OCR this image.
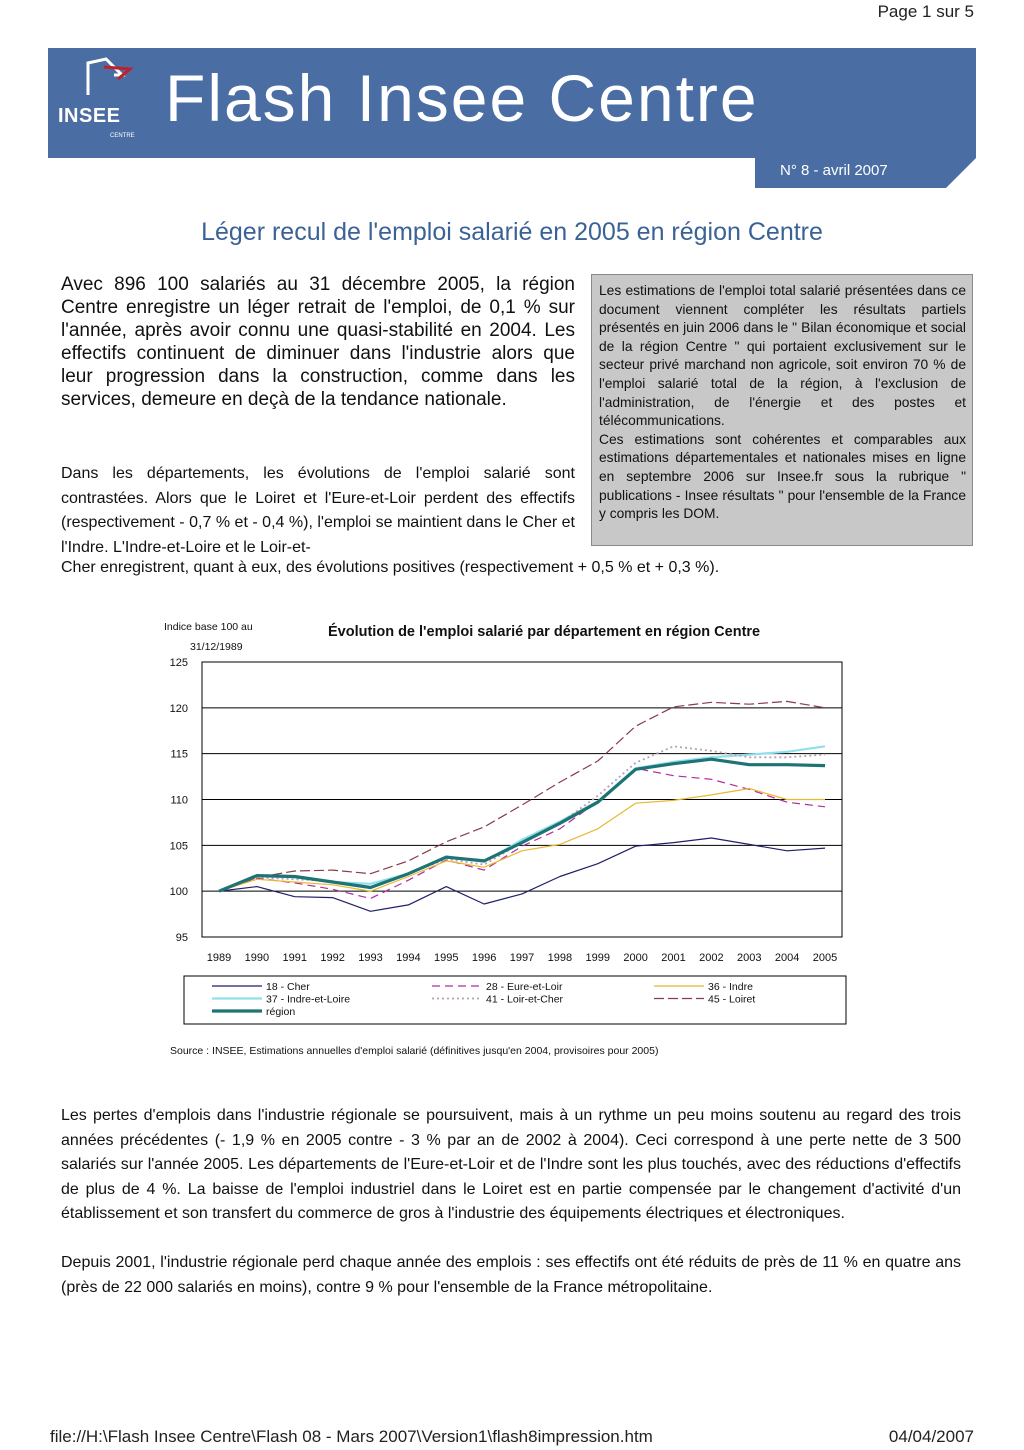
Page 1 sur 5
N° 8 - avril 2007
INSEE
CENTRE
Flash Insee Centre
Léger recul de l'emploi salarié en 2005 en région Centre
Avec 896 100 salariés au 31 décembre 2005, la région Centre enregistre un léger retrait de l'emploi, de 0,1 % sur l'année, après avoir connu une quasi-stabilité en 2004. Les effectifs continuent de diminuer dans l'industrie alors que leur progression dans la construction, comme dans les services, demeure en deçà de la tendance nationale.
Les estimations de l'emploi total salarié présentées dans ce document viennent compléter les résultats partiels présentés en juin 2006 dans le " Bilan économique et social de la région Centre " qui portaient exclusivement sur le secteur privé marchand non agricole, soit environ 70 % de l'emploi salarié total de la région, à l'exclusion de l'administration, de l'énergie et des postes et télécommunications.
Ces estimations sont cohérentes et comparables aux estimations départementales et nationales mises en ligne en septembre 2006 sur Insee.fr sous la rubrique " publications - Insee résultats " pour l'ensemble de la France y compris les DOM.
Dans les départements, les évolutions de l'emploi salarié sont contrastées. Alors que le Loiret et l'Eure-et-Loir perdent des effectifs (respectivement - 0,7 % et - 0,4 %), l'emploi se maintient dans le Cher et l'Indre. L'Indre-et-Loire et le Loir-et-
Cher enregistrent, quant à eux, des évolutions positives (respectivement + 0,5 % et + 0,3 %).
95
100
105
110
115
120
125
1989 1990 1991 1992 1993 1994 1995 1996 1997 1998 1999 2000 2001 2002 2003 2004 2005
Évolution de l'emploi salarié par département en région Centre
Indice base 100 au
31/12/1989
18 - Cher	28 - Eure-et-Loir	36 - Indre
37 - Indre-et-Loire	41 - Loir-et-Cher	45 - Loiret
région
Source : INSEE, Estimations annuelles d'emploi salarié (définitives jusqu'en 2004, provisoires pour 2005)
Les pertes d'emplois dans l'industrie régionale se poursuivent, mais à un rythme un peu moins soutenu au regard des trois années précédentes (- 1,9 % en 2005 contre - 3 % par an de 2002 à 2004). Ceci correspond à une perte nette de 3 500 salariés sur l'année 2005. Les départements de l'Eure-et-Loir et de l'Indre sont les plus touchés, avec des réductions d'effectifs de plus de 4 %. La baisse de l'emploi industriel dans le Loiret est en partie compensée par le changement d'activité d'un établissement et son transfert du commerce de gros à l'industrie des équipements électriques et électroniques.
Depuis 2001, l'industrie régionale perd chaque année des emplois : ses effectifs ont été réduits de près de 11 % en quatre ans (près de 22 000 salariés en moins), contre 9 % pour l'ensemble de la France métropolitaine.
file://H:\Flash Insee Centre\Flash 08 - Mars 2007\Version1\flash8impression.htm	04/04/2007
